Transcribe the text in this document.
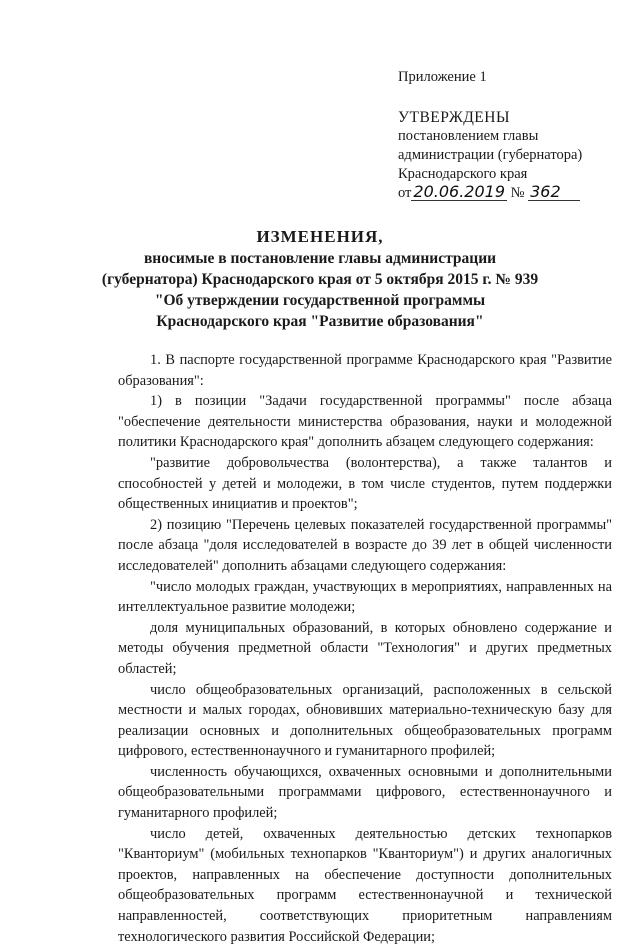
Приложение 1
УТВЕРЖДЕНЫ
постановлением главы
администрации (губернатора)
Краснодарского края
от 20.06.2019 № 362
ИЗМЕНЕНИЯ,
вносимые в постановление главы администрации
(губернатора) Краснодарского края от 5 октября 2015 г. № 939
"Об утверждении государственной программы
Краснодарского края "Развитие образования"

1. В паспорте государственной программе Краснодарского края "Развитие образования":

1) в позиции "Задачи государственной программы" после абзаца "обеспечение деятельности министерства образования, науки и молодежной политики Краснодарского края" дополнить абзацем следующего содержания:

"развитие добровольчества (волонтерства), а также талантов и способностей у детей и молодежи, в том числе студентов, путем поддержки общественных инициатив и проектов";

2) позицию "Перечень целевых показателей государственной программы" после абзаца "доля исследователей в возрасте до 39 лет в общей численности исследователей" дополнить абзацами следующего содержания:

"число молодых граждан, участвующих в мероприятиях, направленных на интеллектуальное развитие молодежи;

доля муниципальных образований, в которых обновлено содержание и методы обучения предметной области "Технология" и других предметных областей;

число общеобразовательных организаций, расположенных в сельской местности и малых городах, обновивших материально-техническую базу для реализации основных и дополнительных общеобразовательных программ цифрового, естественнонаучного и гуманитарного профилей;

численность обучающихся, охваченных основными и дополнительными общеобразовательными программами цифрового, естественнонаучного и гуманитарного профилей;

число детей, охваченных деятельностью детских технопарков "Кванториум" (мобильных технопарков "Кванториум") и других аналогичных проектов, направленных на обеспечение доступности дополнительных общеобразовательных программ естественнонаучной и технической направленностей, соответствующих приоритетным направлениям технологического развития Российской Федерации;
